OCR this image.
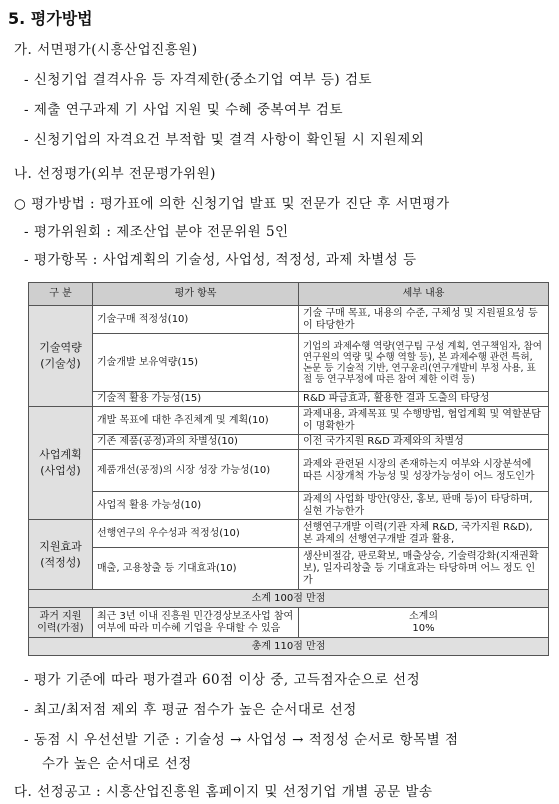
5. 평가방법
가. 서면평가(시흥산업진흥원)
- 신청기업 결격사유 등 자격제한(중소기업 여부 등) 검토
- 제출 연구과제 기 사업 지원 및 수혜 중복여부 검토
- 신청기업의 자격요건 부적합 및 결격 사항이 확인될 시 지원제외
나. 선정평가(외부 전문평가위원)
○ 평가방법 : 평가표에 의한 신청기업 발표 및 전문가 진단 후 서면평가
- 평가위원회 : 제조산업 분야 전문위원 5인
- 평가항목 : 사업계획의 기술성, 사업성, 적정성, 과제 차별성 등
구 분	평가 항목	세부 내용
기술역량
(기술성)	기술구매 적정성(10)	기술 구매 목표, 내용의 수준, 구체성 및 지원필요성 등이 타당한가
	기술개발 보유역량(15)	기업의 과제수행 역량(연구팀 구성 계획, 연구책임자, 참여연구원의 역량 및 수행 역할 등), 본 과제수행 관련 특허, 논문 등 기술적 기반, 연구윤리(연구개발비 부정 사용, 표절 등 연구부정에 따른 참여 제한 이력 등)
	기술적 활용 가능성(15)	R&D 파급효과, 활용한 결과 도출의 타당성
사업계획
(사업성)	개발 목표에 대한 추진체계 및 계획(10)	과제내용, 과제목표 및 수행방법, 협업계획 및 역할분담이 명확한가
	기존 제품(공정)과의 차별성(10)	이전 국가지원 R&D 과제와의 차별성
	제품개선(공정)의 시장 성장 가능성(10)	과제와 관련된 시장의 존재하는지 여부와 시장분석에 따른 시장개척 가능성 및 성장가능성이 어느 정도인가
	사업적 활용 가능성(10)	과제의 사업화 방안(양산, 홍보, 판매 등)이 타당하며, 실현 가능한가
지원효과
(적정성)	선행연구의 우수성과 적정성(10)	선행연구개발 이력(기관 자체 R&D, 국가지원 R&D), 본 과제의 선행연구개발 결과 활용,
	매출, 고용창출 등 기대효과(10)	생산비절감, 판로확보, 매출상승, 기술력강화(지재권확보), 일자리창출 등 기대효과는 타당하며 어느 정도 인가
소계 100점 만점		
과거 지원
이력(가점)	최근 3년 이내 진흥원 민간경상보조사업 참여 여부에 따라 미수혜 기업을 우대할 수 있음	소계의
10%
총계 110점 만점		
- 평가 기준에 따라 평가결과 60점 이상 중, 고득점자순으로 선정
- 최고/최저점 제외 후 평균 점수가 높은 순서대로 선정
- 동점 시 우선선발 기준 : 기술성 → 사업성 → 적정성 순서로 항목별 점
수가 높은 순서대로 선정
다. 선정공고 : 시흥산업진흥원 홈페이지 및 선정기업 개별 공문 발송
